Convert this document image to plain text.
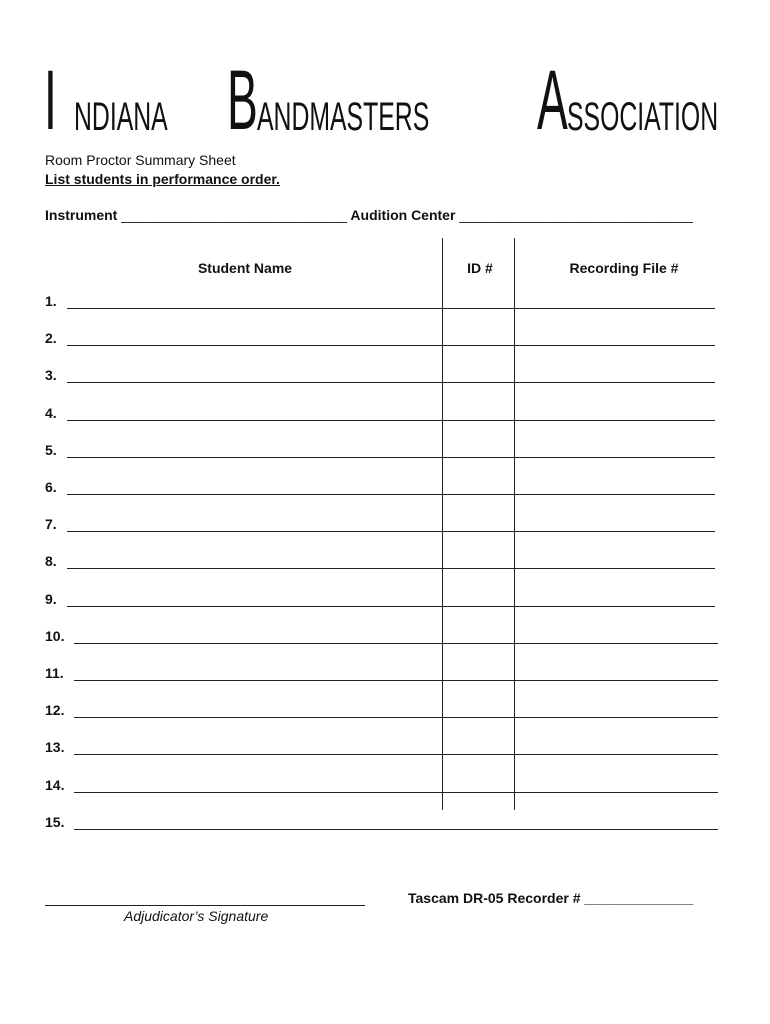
I NDIANA B ANDMASTERS A SSOCIATION
Room Proctor Summary Sheet
List students in performance order.
Instrument _____________________________ Audition Center ______________________________
Student Name	ID #	Recording File #
1.
2.
3.
4.
5.
6.
7.
8.
9.
10.
11.
12.
13.
14.
15.
Adjudicator’s Signature
Tascam DR-05 Recorder # ______________
